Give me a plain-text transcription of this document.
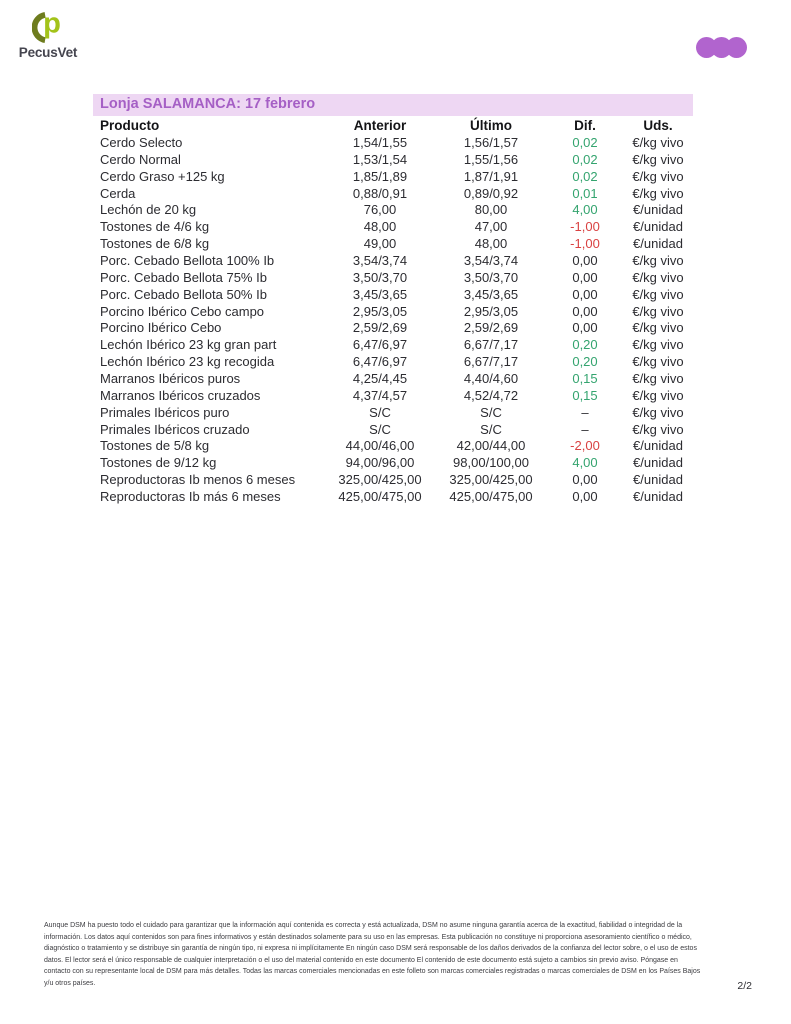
p
PecusVet
Lonja SALAMANCA: 17 febrero
Producto	Anterior	Último	Dif.	Uds.
Cerdo Selecto	1,54/1,55	1,56/1,57	0,02	€/kg vivo
Cerdo Normal	1,53/1,54	1,55/1,56	0,02	€/kg vivo
Cerdo Graso +125 kg	1,85/1,89	1,87/1,91	0,02	€/kg vivo
Cerda	0,88/0,91	0,89/0,92	0,01	€/kg vivo
Lechón de 20 kg	76,00	80,00	4,00	€/unidad
Tostones de 4/6 kg	48,00	47,00	-1,00	€/unidad
Tostones de 6/8 kg	49,00	48,00	-1,00	€/unidad
Porc. Cebado Bellota 100% Ib	3,54/3,74	3,54/3,74	0,00	€/kg vivo
Porc. Cebado Bellota 75% Ib	3,50/3,70	3,50/3,70	0,00	€/kg vivo
Porc. Cebado Bellota 50% Ib	3,45/3,65	3,45/3,65	0,00	€/kg vivo
Porcino Ibérico Cebo campo	2,95/3,05	2,95/3,05	0,00	€/kg vivo
Porcino Ibérico Cebo	2,59/2,69	2,59/2,69	0,00	€/kg vivo
Lechón Ibérico 23 kg gran part	6,47/6,97	6,67/7,17	0,20	€/kg vivo
Lechón Ibérico 23 kg recogida	6,47/6,97	6,67/7,17	0,20	€/kg vivo
Marranos Ibéricos puros	4,25/4,45	4,40/4,60	0,15	€/kg vivo
Marranos Ibéricos cruzados	4,37/4,57	4,52/4,72	0,15	€/kg vivo
Primales Ibéricos puro	S/C	S/C	–	€/kg vivo
Primales Ibéricos cruzado	S/C	S/C	–	€/kg vivo
Tostones de 5/8 kg	44,00/46,00	42,00/44,00	-2,00	€/unidad
Tostones de 9/12 kg	94,00/96,00	98,00/100,00	4,00	€/unidad
Reproductoras Ib menos 6 meses	325,00/425,00	325,00/425,00	0,00	€/unidad
Reproductoras Ib más 6 meses	425,00/475,00	425,00/475,00	0,00	€/unidad
Aunque DSM ha puesto todo el cuidado para garantizar que la información aquí contenida es correcta y está actualizada, DSM no asume ninguna garantía acerca de la exactitud, fiabilidad o integridad de la información. Los datos aquí contenidos son para fines informativos y están destinados solamente para su uso en las empresas. Esta publicación no constituye ni proporciona asesoramiento científico o médico, diagnóstico o tratamiento y se distribuye sin garantía de ningún tipo, ni expresa ni implícitamente En ningún caso DSM será responsable de los daños derivados de la confianza del lector sobre, o el uso de estos datos. El lector será el único responsable de cualquier interpretación o el uso del material contenido en este documento El contenido de este documento está sujeto a cambios sin previo aviso. Póngase en contacto con su representante local de DSM para más detalles. Todas las marcas comerciales mencionadas en este folleto son marcas comerciales registradas o marcas comerciales de DSM en los Países Bajos y/u otros países.	2/2
